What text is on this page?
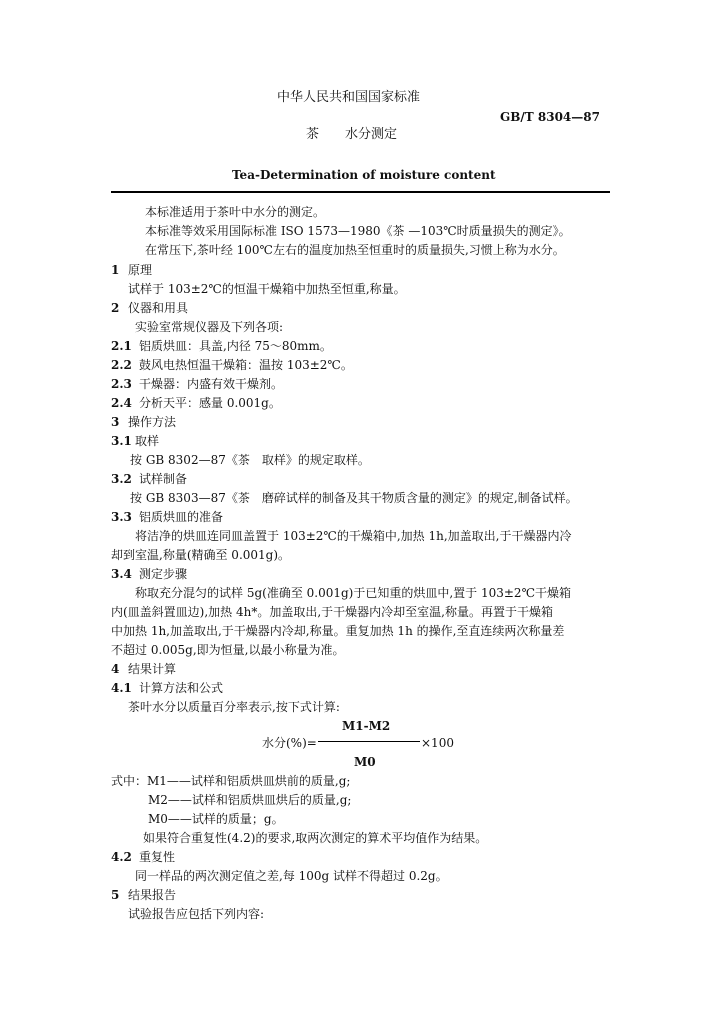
中华人民共和国国家标准
GB/T 8304—87
茶　　水分测定
Tea-Determination of moisture content
本标准适用于茶叶中水分的测定。
本标准等效采用国际标准 ISO 1573—1980《茶 —103℃时质量损失的测定》。
在常压下,茶叶经 100℃左右的温度加热至恒重时的质量损失,习惯上称为水分。
1 原理
试样于 103±2℃的恒温干燥箱中加热至恒重,称量。
2 仪器和用具
实验室常规仪器及下列各项:
2.1 铝质烘皿：具盖,内径 75～80mm。
2.2 鼓风电热恒温干燥箱：温按 103±2℃。
2.3 干燥器：内盛有效干燥剂。
2.4 分析天平：感量 0.001g。
3 操作方法
3.1 取样
按 GB 8302—87《茶　取样》的规定取样。
3.2 试样制备
按 GB 8303—87《茶　磨碎试样的制备及其干物质含量的测定》的规定,制备试样。
3.3 铝质烘皿的准备
将洁净的烘皿连同皿盖置于 103±2℃的干燥箱中,加热 1h,加盖取出,于干燥器内冷
却到室温,称量(精确至 0.001g)。
3.4 测定步骤
称取充分混匀的试样 5g(准确至 0.001g)于已知重的烘皿中,置于 103±2℃干燥箱
内(皿盖斜置皿边),加热 4h*。加盖取出,于干燥器内冷却至室温,称量。再置于干燥箱
中加热 1h,加盖取出,于干燥器内冷却,称量。重复加热 1h 的操作,至直连续两次称量差
不超过 0.005g,即为恒量,以最小称量为准。
4 结果计算
4.1 计算方法和公式
茶叶水分以质量百分率表示,按下式计算:
M1-M2
水分(%)=	×100
M0
式中：M1——试样和铝质烘皿烘前的质量,g;
M2——试样和铝质烘皿烘后的质量,g;
M0——试样的质量；g。
如果符合重复性(4.2)的要求,取两次测定的算术平均值作为结果。
4.2 重复性
同一样品的两次测定值之差,每 100g 试样不得超过 0.2g。
5 结果报告
试验报告应包括下列内容:
